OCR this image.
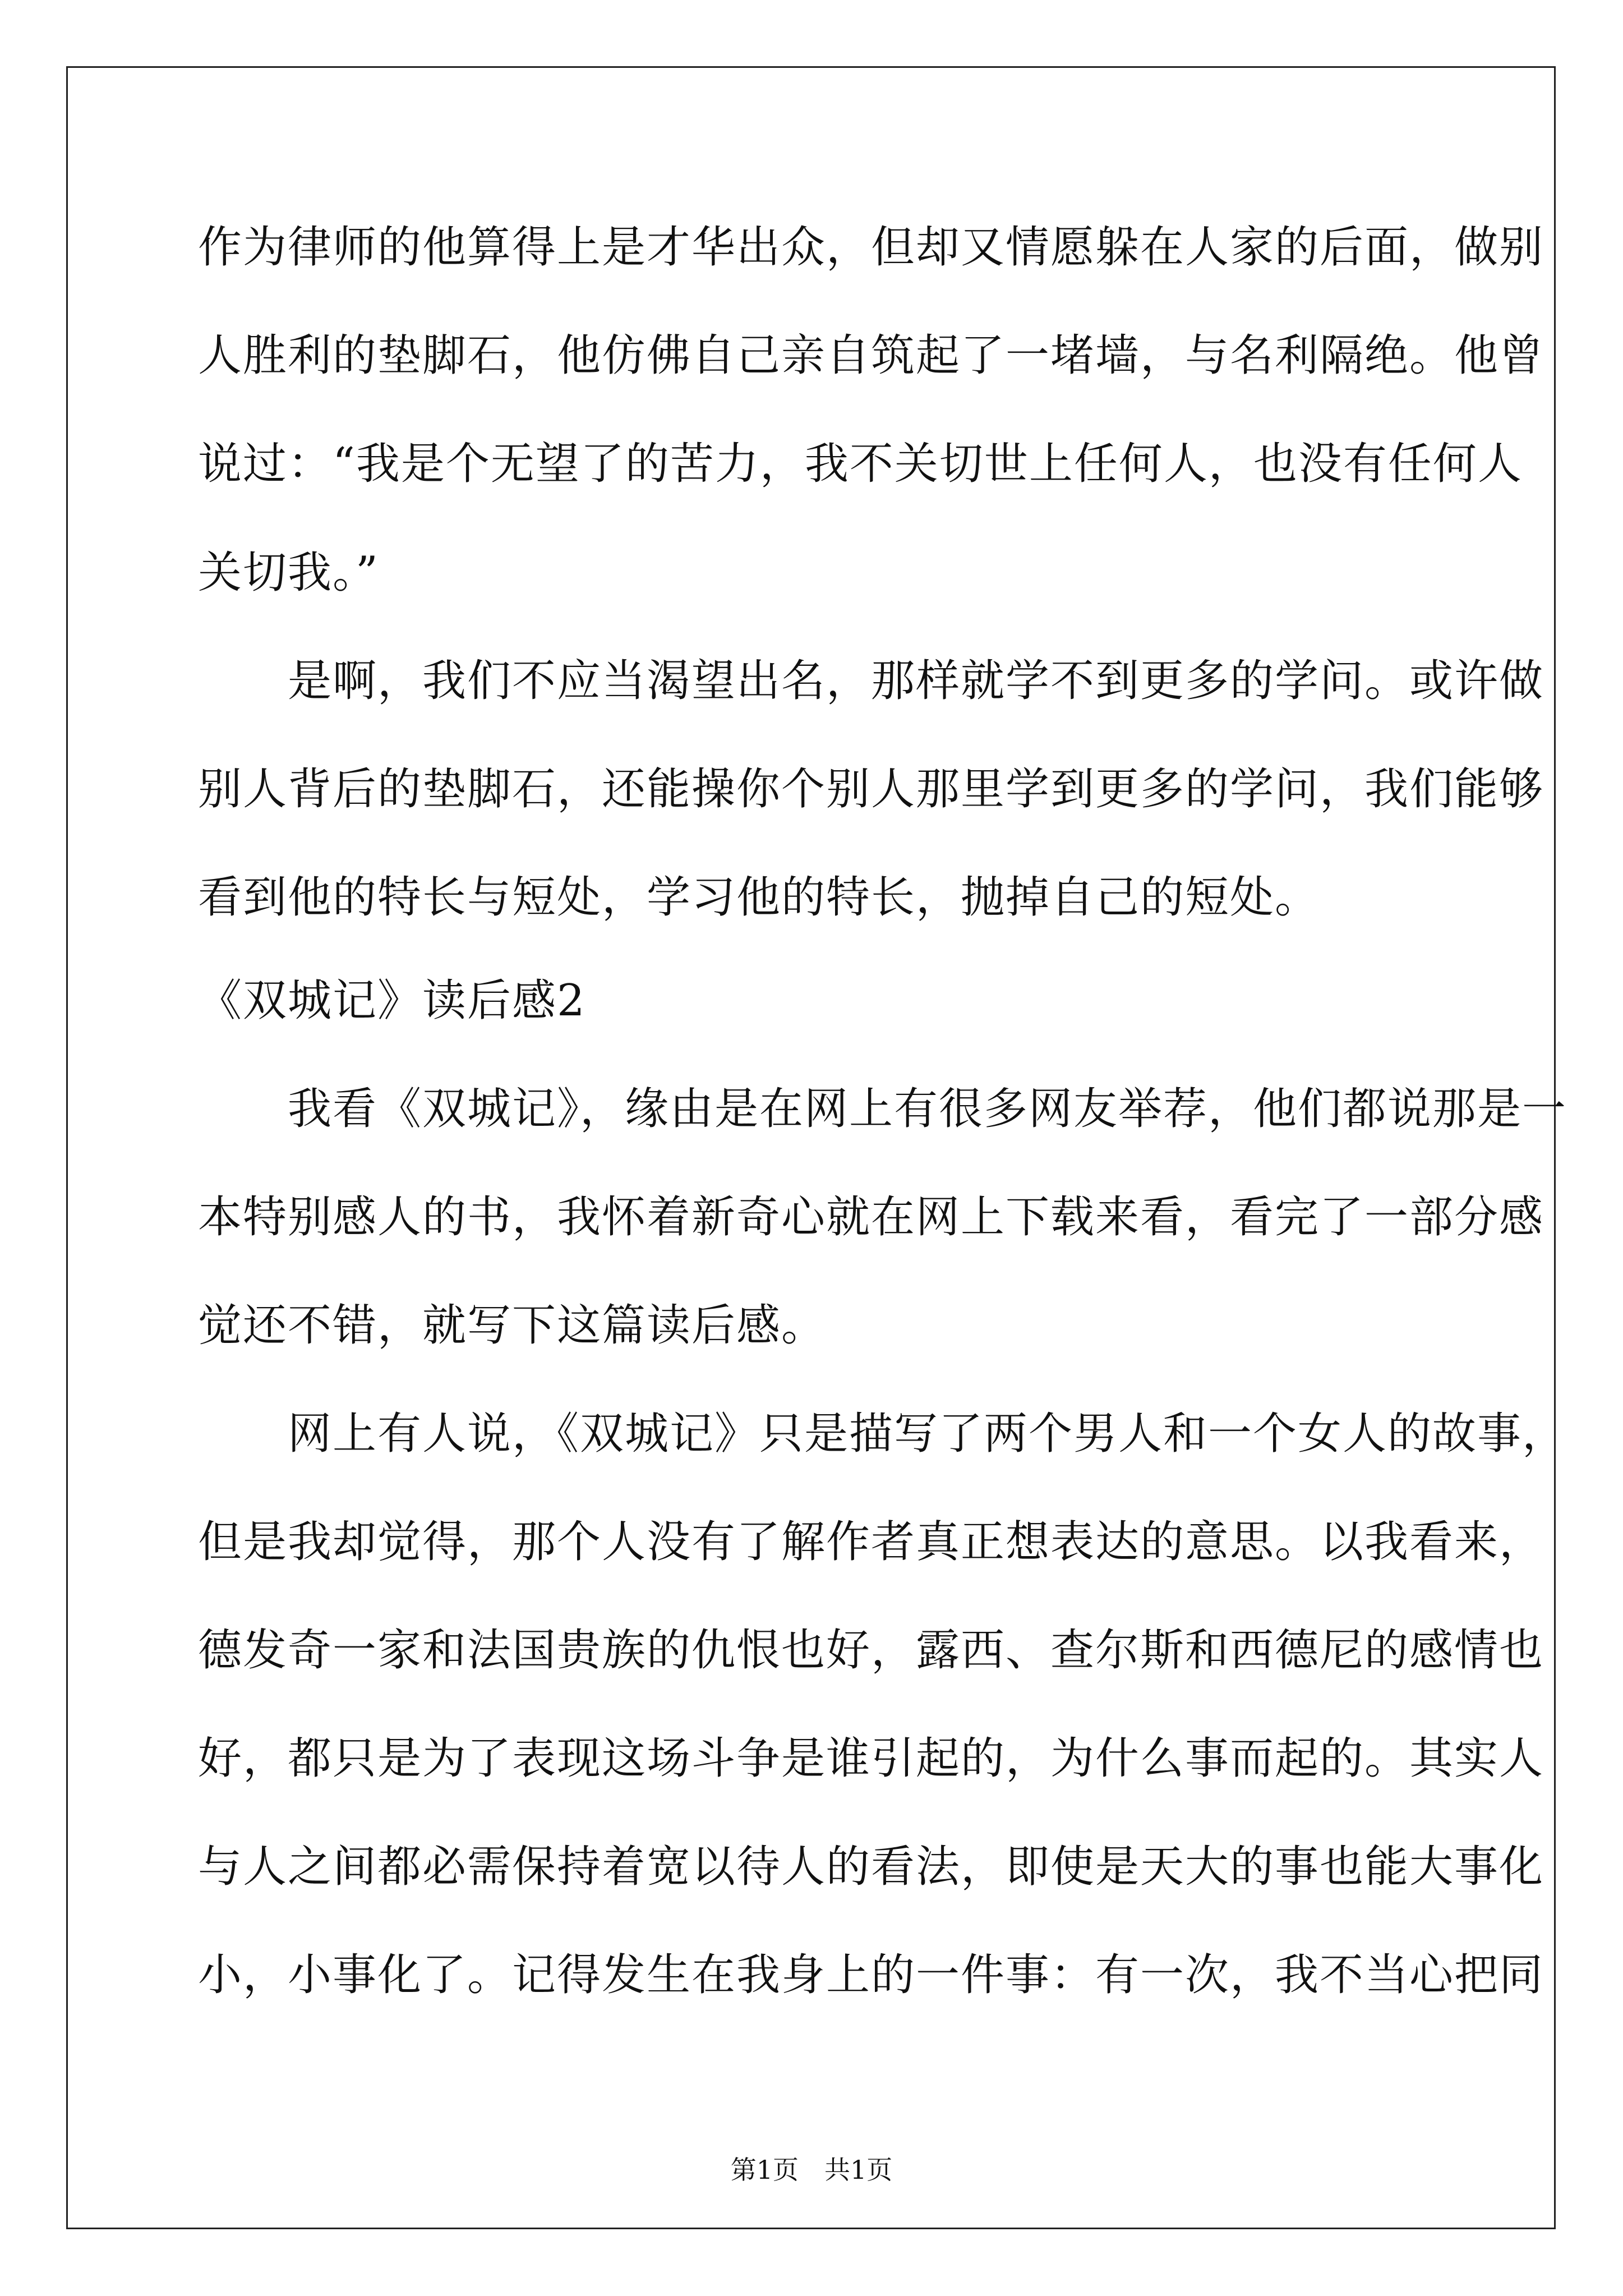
作为律师的他算得上是才华出众，但却又情愿躲在人家的后面，做别
人胜利的垫脚石，他仿佛自己亲自筑起了一堵墙，与名利隔绝。他曾
说过：“我是个无望了的苦力，我不关切世上任何人，也没有任何人
关切我。”
　　是啊，我们不应当渴望出名，那样就学不到更多的学问。或许做
别人背后的垫脚石，还能操你个别人那里学到更多的学问，我们能够
看到他的特长与短处，学习他的特长，抛掉自己的短处。
《双城记》读后感2
　　我看《双城记》，缘由是在网上有很多网友举荐，他们都说那是一
本特别感人的书，我怀着新奇心就在网上下载来看，看完了一部分感
觉还不错，就写下这篇读后感。
　　网上有人说，《双城记》只是描写了两个男人和一个女人的故事，
但是我却觉得，那个人没有了解作者真正想表达的意思。以我看来，
德发奇一家和法国贵族的仇恨也好，露西、查尔斯和西德尼的感情也
好，都只是为了表现这场斗争是谁引起的，为什么事而起的。其实人
与人之间都必需保持着宽以待人的看法，即使是天大的事也能大事化
小，小事化了。记得发生在我身上的一件事：有一次，我不当心把同
第1页　共1页
